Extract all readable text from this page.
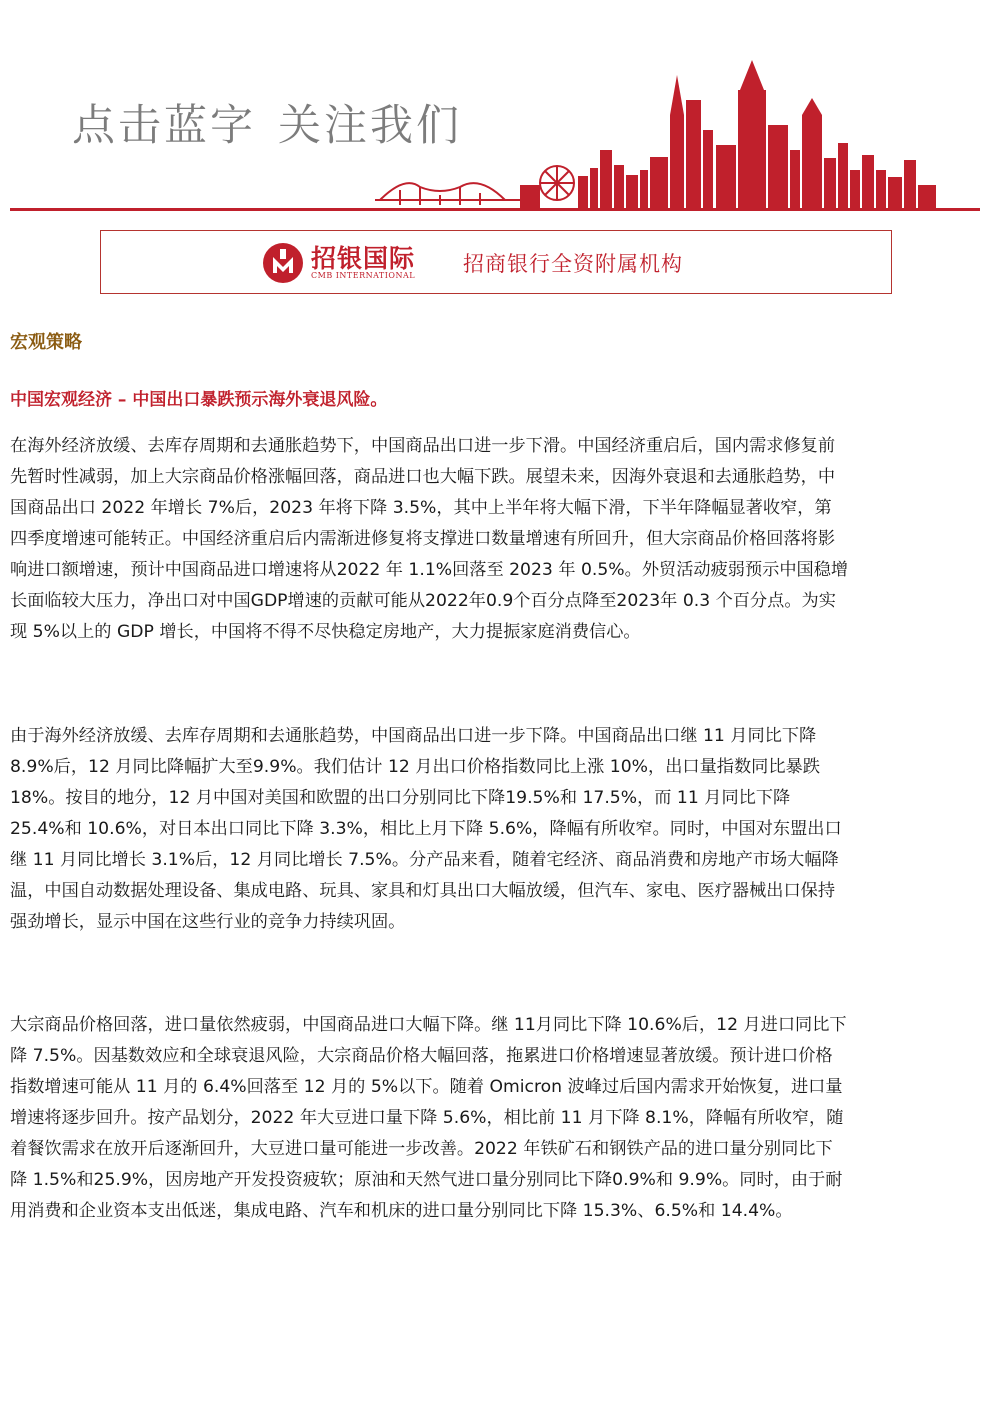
点击蓝字 关注我们
招银国际
CMB INTERNATIONAL 招商银行全资附属机构
宏观策略
中国宏观经济 – 中国出口暴跌预示海外衰退风险。
在海外经济放缓、去库存周期和去通胀趋势下，中国商品出口进一步下滑。中国经济重启后，国内需求修复前
先暂时性减弱，加上大宗商品价格涨幅回落，商品进口也大幅下跌。展望未来，因海外衰退和去通胀趋势，中
国商品出口 2022 年增长 7%后，2023 年将下降 3.5%，其中上半年将大幅下滑，下半年降幅显著收窄，第
四季度增速可能转正。中国经济重启后内需渐进修复将支撑进口数量增速有所回升，但大宗商品价格回落将影
响进口额增速，预计中国商品进口增速将从2022 年 1.1%回落至 2023 年 0.5%。外贸活动疲弱预示中国稳增
长面临较大压力，净出口对中国GDP增速的贡献可能从2022年0.9个百分点降至2023年 0.3 个百分点。为实
现 5%以上的 GDP 增长，中国将不得不尽快稳定房地产，大力提振家庭消费信心。
由于海外经济放缓、去库存周期和去通胀趋势，中国商品出口进一步下降。中国商品出口继 11 月同比下降
8.9%后，12 月同比降幅扩大至9.9%。我们估计 12 月出口价格指数同比上涨 10%，出口量指数同比暴跌
18%。按目的地分，12 月中国对美国和欧盟的出口分别同比下降19.5%和 17.5%，而 11 月同比下降
25.4%和 10.6%，对日本出口同比下降 3.3%，相比上月下降 5.6%，降幅有所收窄。同时，中国对东盟出口
继 11 月同比增长 3.1%后，12 月同比增长 7.5%。分产品来看，随着宅经济、商品消费和房地产市场大幅降
温，中国自动数据处理设备、集成电路、玩具、家具和灯具出口大幅放缓，但汽车、家电、医疗器械出口保持
强劲增长，显示中国在这些行业的竞争力持续巩固。
大宗商品价格回落，进口量依然疲弱，中国商品进口大幅下降。继 11月同比下降 10.6%后，12 月进口同比下
降 7.5%。因基数效应和全球衰退风险，大宗商品价格大幅回落，拖累进口价格增速显著放缓。预计进口价格
指数增速可能从 11 月的 6.4%回落至 12 月的 5%以下。随着 Omicron 波峰过后国内需求开始恢复，进口量
增速将逐步回升。按产品划分，2022 年大豆进口量下降 5.6%，相比前 11 月下降 8.1%，降幅有所收窄，随
着餐饮需求在放开后逐渐回升，大豆进口量可能进一步改善。2022 年铁矿石和钢铁产品的进口量分别同比下
降 1.5%和25.9%，因房地产开发投资疲软；原油和天然气进口量分别同比下降0.9%和 9.9%。同时，由于耐
用消费和企业资本支出低迷，集成电路、汽车和机床的进口量分别同比下降 15.3%、6.5%和 14.4%。
